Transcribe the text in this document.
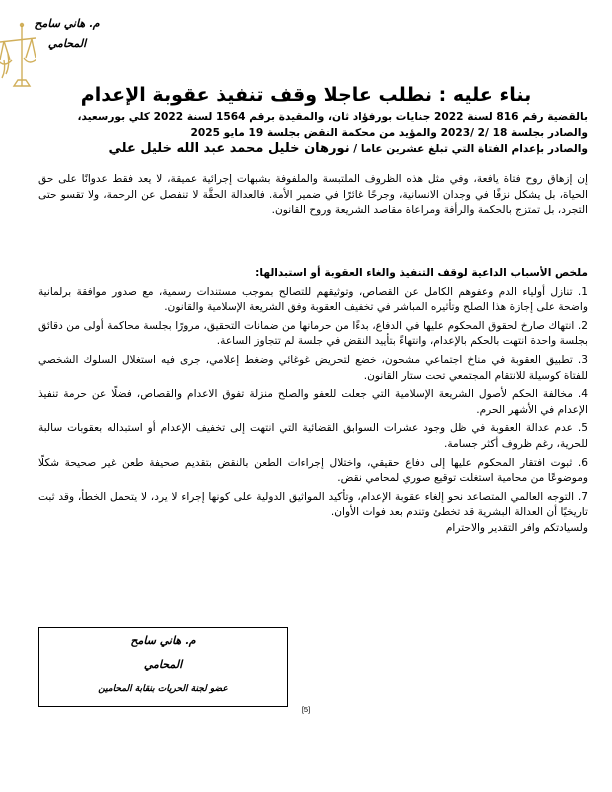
م. هاني سامح
المحامي
بناء عليه : نطلب عاجلا وقف تنفيذ عقوبة الإعدام
بالقضية رقم 816 لسنة 2022 جنايات بورفؤاد ثان، والمقيدة برقم 1564 لسنة 2022 كلي بورسعيد،
والصادر بجلسة 18 /2 /2023 والمؤيد من محكمة النقض بجلسة 19 مايو 2025
والصادر بإعدام الفتاة التي تبلغ عشرين عاما / نورهان خليل محمد عبد الله خليل علي
إن إزهاق روح فتاة يافعة، وفي مثل هذه الظروف الملتبسة والملفوفة بشبهات إجرائية عميقة، لا يعد فقط عدوانًا على حق الحياة، بل يشكل نزفًا في وجدان الانسانية، وجرحًا غائرًا في ضمير الأمة. فالعدالة الحقَّة لا تنفصل عن الرحمة، ولا تقسو حتى التجرد، بل تمتزج بالحكمة والرأفة ومراعاة مقاصد الشريعة وروح القانون.

ملخص الأسباب الداعية لوقف التنفيذ والغاء العقوبة أو استبدالها:

1. تنازل أولياء الدم وعفوهم الكامل عن القصاص، وتوثيقهم للتصالح بموجب مستندات رسمية، مع صدور موافقة برلمانية واضحة على إجازة هذا الصلح وتأثيره المباشر في تخفيف العقوبة وفق الشريعة الإسلامية والقانون.

2. انتهاك صارخ لحقوق المحكوم عليها في الدفاع، بدءًا من حرمانها من ضمانات التحقيق، مرورًا بجلسة محاكمة أولى من دقائق بجلسة واحدة انتهت بالحكم بالإعدام، وانتهاءً بتأييد النقض في جلسة لم تتجاوز الساعة.

3. تطبيق العقوبة في مناخ اجتماعي مشحون، خضع لتحريض غوغائي وضغط إعلامي، جرى فيه استغلال السلوك الشخصي للفتاة كوسيلة للانتقام المجتمعي تحت ستار القانون.

4. مخالفة الحكم لأصول الشريعة الإسلامية التي جعلت للعفو والصلح منزلة تفوق الاعدام والقصاص، فضلًا عن حرمة تنفيذ الإعدام في الأشهر الحرم.

5. عدم عدالة العقوبة في ظل وجود عشرات السوابق القضائية التي انتهت إلى تخفيف الإعدام أو استبداله بعقوبات سالبة للحرية، رغم ظروف أكثر جسامة.

6. ثبوت افتقار المحكوم عليها إلى دفاع حقيقي، واختلال إجراءات الطعن بالنقض بتقديم صحيفة طعن غير صحيحة شكلًا وموضوعًا من محامية استغلت توقيع صوري لمحامي نقض.

7. التوجه العالمي المتصاعد نحو إلغاء عقوبة الإعدام، وتأكيد المواثيق الدولية على كونها إجراء لا يرد، لا يتحمل الخطأ، وقد ثبت تاريخيًا أن العدالة البشرية قد تخطئ وتندم بعد فوات الأوان.

ولسيادتكم وافر التقدير والاحترام

م. هاني سامح
المحامي
عضو لجنة الحريات بنقابة المحامين
[5]
